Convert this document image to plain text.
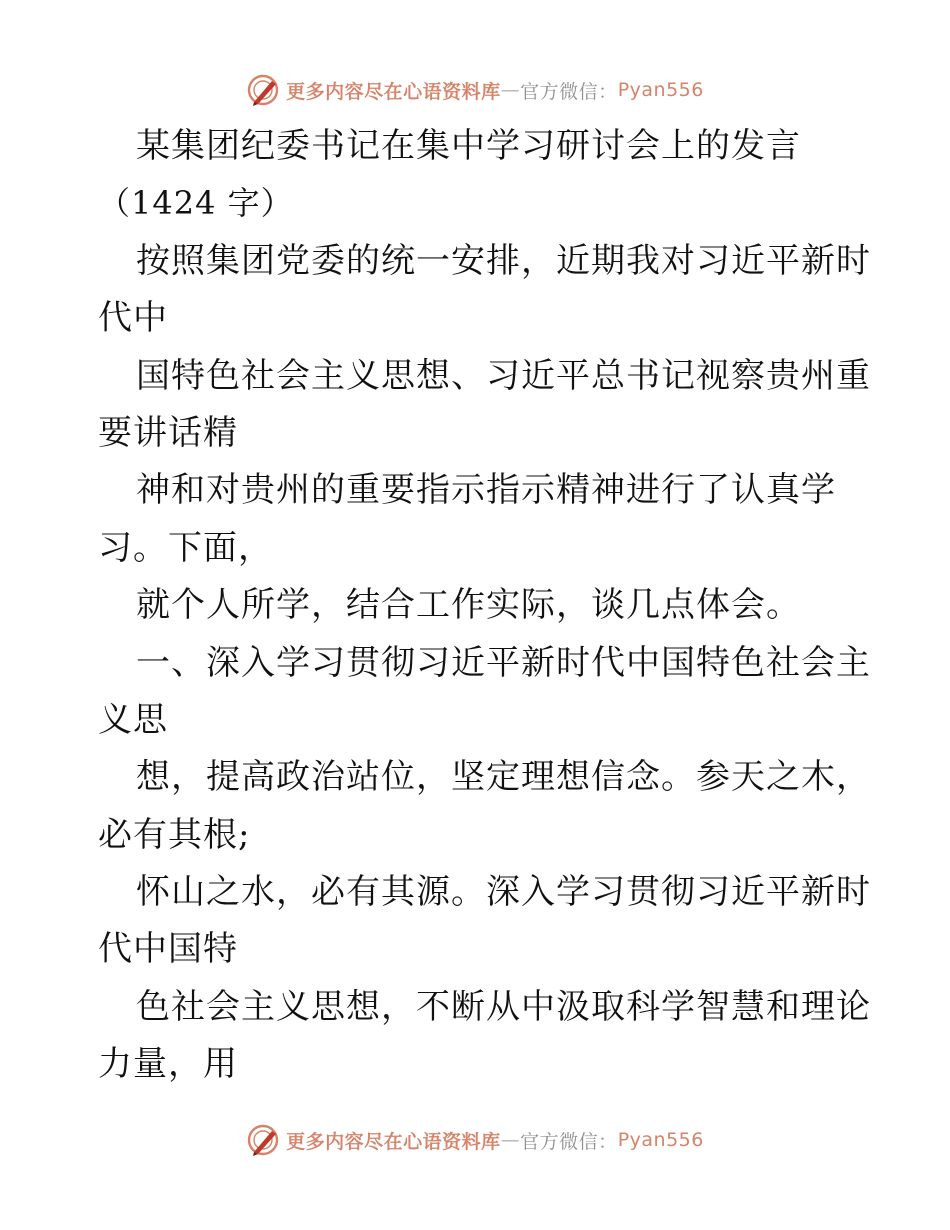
更多内容尽在心语资料库 — 官方微信： Pyan556
某集团纪委书记在集中学习研讨会上的发言
（1424 字）
按照集团党委的统一安排，近期我对习近平新时
代中
国特色社会主义思想、习近平总书记视察贵州重
要讲话精
神和对贵州的重要指示指示精神进行了认真学
习。下面，
就个人所学，结合工作实际，谈几点体会。
一、深入学习贯彻习近平新时代中国特色社会主
义思
想，提高政治站位，坚定理想信念。参天之木，
必有其根;
怀山之水，必有其源。深入学习贯彻习近平新时
代中国特
色社会主义思想，不断从中汲取科学智慧和理论
力量，用
更多内容尽在心语资料库 — 官方微信： Pyan556
